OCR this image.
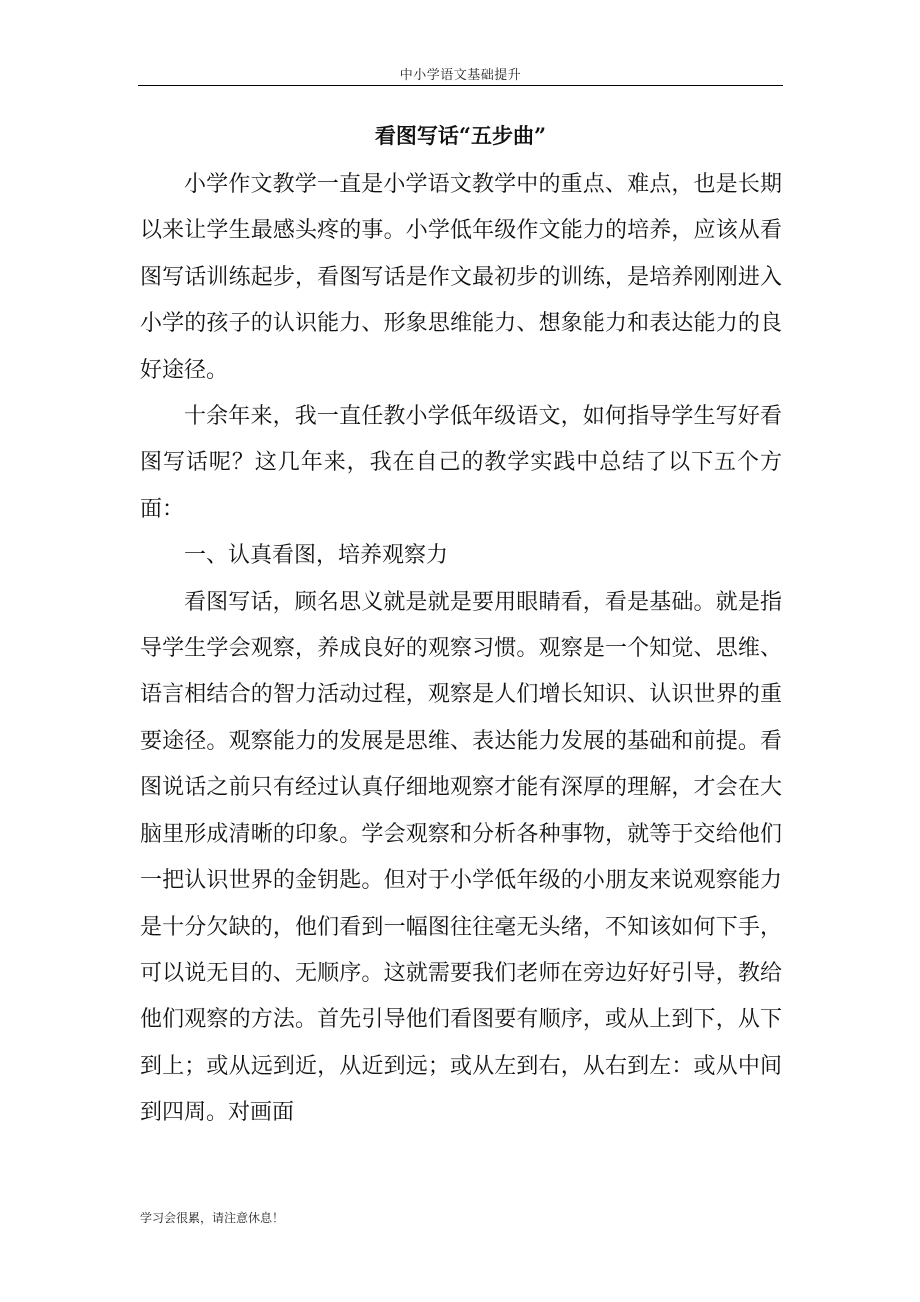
中小学语文基础提升
看图写话“五步曲”

小学作文教学一直是小学语文教学中的重点、难点，也是长期以来让学生最感头疼的事。小学低年级作文能力的培养，应该从看图写话训练起步，看图写话是作文最初步的训练，是培养刚刚进入小学的孩子的认识能力、形象思维能力、想象能力和表达能力的良好途径。

十余年来，我一直任教小学低年级语文，如何指导学生写好看图写话呢？这几年来，我在自己的教学实践中总结了以下五个方面：

一、认真看图，培养观察力

看图写话，顾名思义就是就是要用眼睛看，看是基础。就是指导学生学会观察，养成良好的观察习惯。观察是一个知觉、思维、语言相结合的智力活动过程，观察是人们增长知识、认识世界的重要途径。观察能力的发展是思维、表达能力发展的基础和前提。看图说话之前只有经过认真仔细地观察才能有深厚的理解，才会在大脑里形成清晰的印象。学会观察和分析各种事物，就等于交给他们一把认识世界的金钥匙。但对于小学低年级的小朋友来说观察能力是十分欠缺的，他们看到一幅图往往毫无头绪，不知该如何下手，可以说无目的、无顺序。这就需要我们老师在旁边好好引导，教给他们观察的方法。首先引导他们看图要有顺序，或从上到下，从下到上；或从远到近，从近到远；或从左到右，从右到左：或从中间到四周。对画面

学习会很累，请注意休息！
